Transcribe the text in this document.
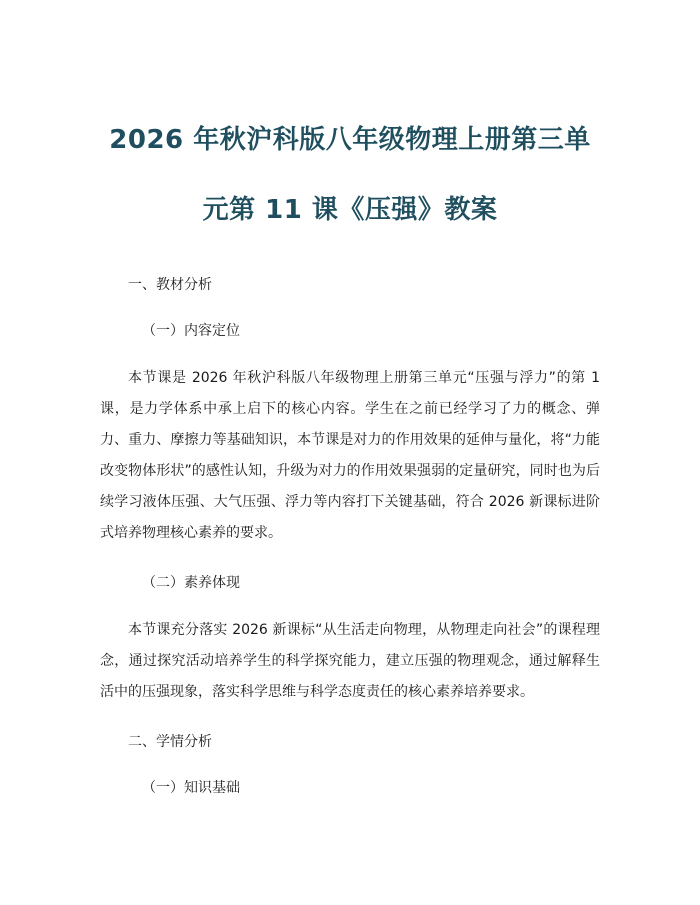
2026 年秋沪科版八年级物理上册第三单
元第 11 课《压强》教案
一、教材分析
（一）内容定位

本节课是 2026 年秋沪科版八年级物理上册第三单元“压强与浮力”的第 1 课，是力学体系中承上启下的核心内容。学生在之前已经学习了力的概念、弹力、重力、摩擦力等基础知识，本节课是对力的作用效果的延伸与量化，将“力能改变物体形状”的感性认知，升级为对力的作用效果强弱的定量研究，同时也为后续学习液体压强、大气压强、浮力等内容打下关键基础，符合 2026 新课标进阶式培养物理核心素养的要求。

（二）素养体现

本节课充分落实 2026 新课标“从生活走向物理，从物理走向社会”的课程理念，通过探究活动培养学生的科学探究能力，建立压强的物理观念，通过解释生活中的压强现象，落实科学思维与科学态度责任的核心素养培养要求。

二、学情分析
（一）知识基础
